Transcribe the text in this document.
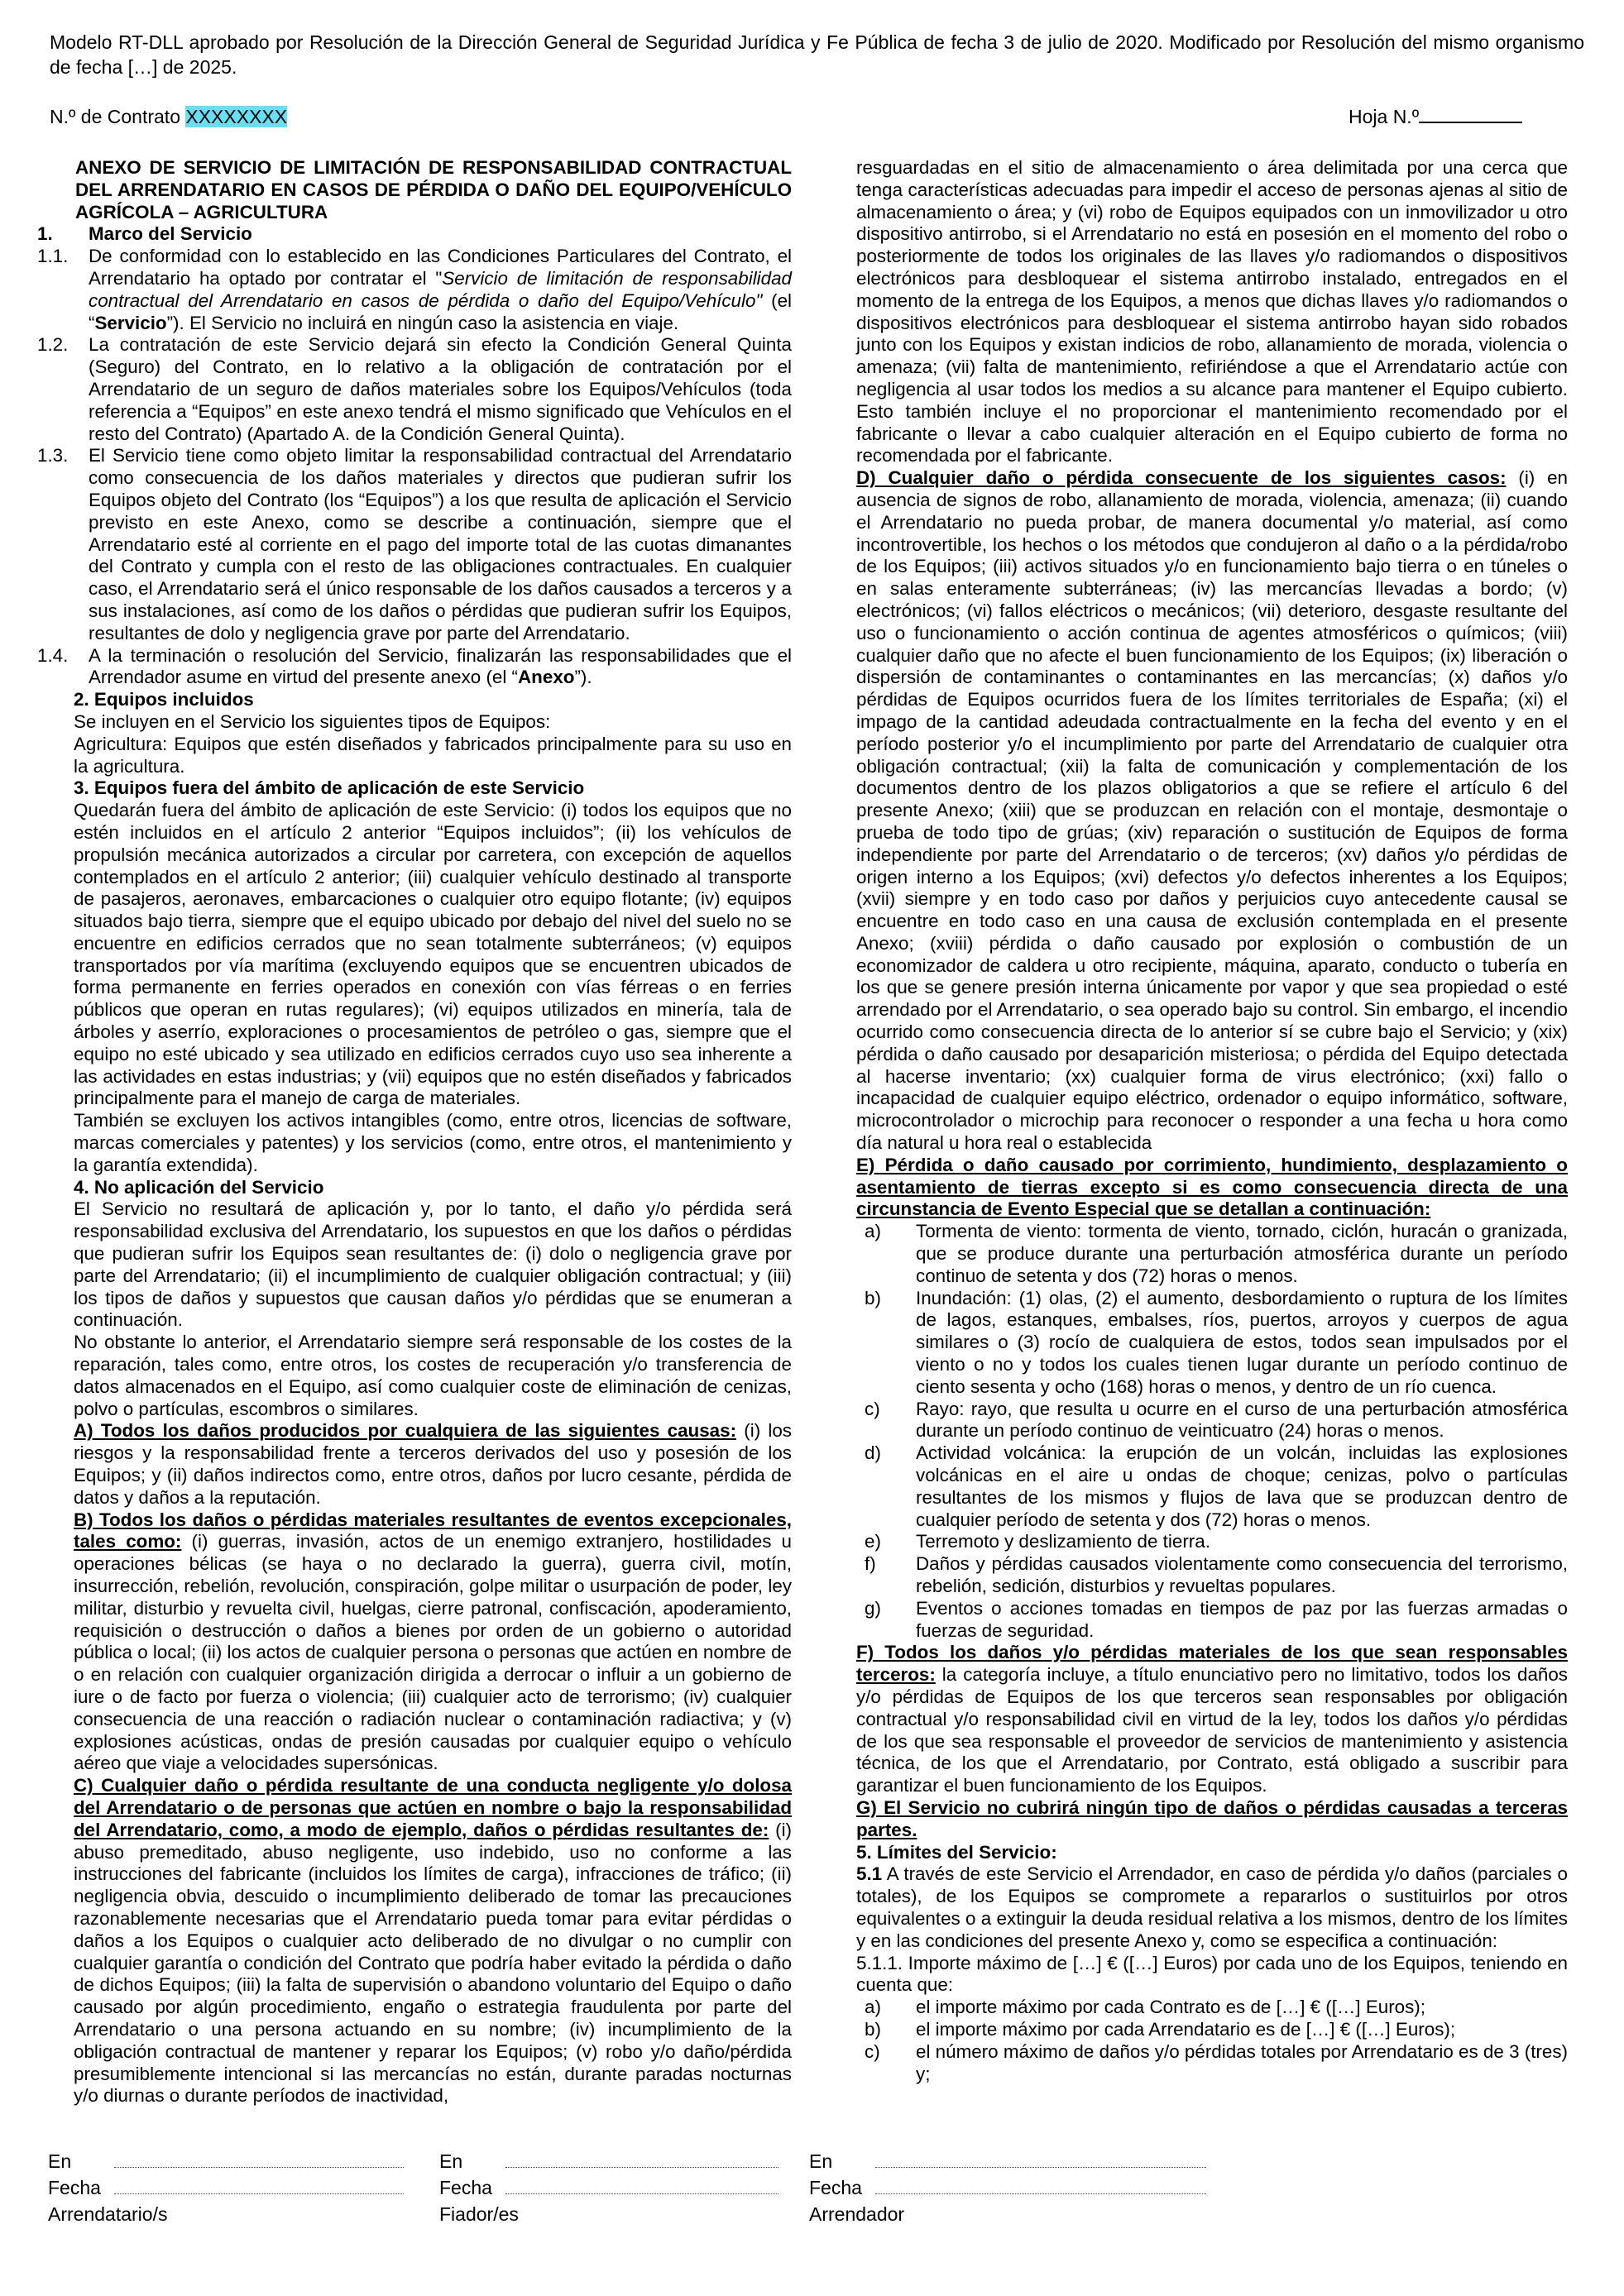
Modelo RT-DLL aprobado por Resolución de la Dirección General de Seguridad Jurídica y Fe Pública de fecha 3 de julio de 2020. Modificado por Resolución del mismo organismo de fecha […] de 2025.
N.º de Contrato XXXXXXXX	Hoja N.º
ANEXO DE SERVICIO DE LIMITACIÓN DE RESPONSABILIDAD CONTRACTUAL DEL ARRENDATARIO EN CASOS DE PÉRDIDA O DAÑO DEL EQUIPO/VEHÍCULO AGRÍCOLA – AGRICULTURA
1.	Marco del Servicio
1.1.	De conformidad con lo establecido en las Condiciones Particulares del Contrato, el Arrendatario ha optado por contratar el "Servicio de limitación de responsabilidad contractual del Arrendatario en casos de pérdida o daño del Equipo/Vehículo" (el “Servicio”). El Servicio no incluirá en ningún caso la asistencia en viaje.
1.2.	La contratación de este Servicio dejará sin efecto la Condición General Quinta (Seguro) del Contrato, en lo relativo a la obligación de contratación por el Arrendatario de un seguro de daños materiales sobre los Equipos/Vehículos (toda referencia a “Equipos” en este anexo tendrá el mismo significado que Vehículos en el resto del Contrato) (Apartado A. de la Condición General Quinta).
1.3.	El Servicio tiene como objeto limitar la responsabilidad contractual del Arrendatario como consecuencia de los daños materiales y directos que pudieran sufrir los Equipos objeto del Contrato (los “Equipos”) a los que resulta de aplicación el Servicio previsto en este Anexo, como se describe a continuación, siempre que el Arrendatario esté al corriente en el pago del importe total de las cuotas dimanantes del Contrato y cumpla con el resto de las obligaciones contractuales. En cualquier caso, el Arrendatario será el único responsable de los daños causados a terceros y a sus instalaciones, así como de los daños o pérdidas que pudieran sufrir los Equipos, resultantes de dolo y negligencia grave por parte del Arrendatario.
1.4.	A la terminación o resolución del Servicio, finalizarán las responsabilidades que el Arrendador asume en virtud del presente anexo (el “Anexo”).

2. Equipos incluidos

Se incluyen en el Servicio los siguientes tipos de Equipos:

Agricultura: Equipos que estén diseñados y fabricados principalmente para su uso en la agricultura.

3. Equipos fuera del ámbito de aplicación de este Servicio

Quedarán fuera del ámbito de aplicación de este Servicio: (i) todos los equipos que no estén incluidos en el artículo 2 anterior “Equipos incluidos”; (ii) los vehículos de propulsión mecánica autorizados a circular por carretera, con excepción de aquellos contemplados en el artículo 2 anterior; (iii) cualquier vehículo destinado al transporte de pasajeros, aeronaves, embarcaciones o cualquier otro equipo flotante; (iv) equipos situados bajo tierra, siempre que el equipo ubicado por debajo del nivel del suelo no se encuentre en edificios cerrados que no sean totalmente subterráneos; (v) equipos transportados por vía marítima (excluyendo equipos que se encuentren ubicados de forma permanente en ferries operados en conexión con vías férreas o en ferries públicos que operan en rutas regulares); (vi) equipos utilizados en minería, tala de árboles y aserrío, exploraciones o procesamientos de petróleo o gas, siempre que el equipo no esté ubicado y sea utilizado en edificios cerrados cuyo uso sea inherente a las actividades en estas industrias; y (vii) equipos que no estén diseñados y fabricados principalmente para el manejo de carga de materiales.

También se excluyen los activos intangibles (como, entre otros, licencias de software, marcas comerciales y patentes) y los servicios (como, entre otros, el mantenimiento y la garantía extendida).

4. No aplicación del Servicio

El Servicio no resultará de aplicación y, por lo tanto, el daño y/o pérdida será responsabilidad exclusiva del Arrendatario, los supuestos en que los daños o pérdidas que pudieran sufrir los Equipos sean resultantes de: (i) dolo o negligencia grave por parte del Arrendatario; (ii) el incumplimiento de cualquier obligación contractual; y (iii) los tipos de daños y supuestos que causan daños y/o pérdidas que se enumeran a continuación.

No obstante lo anterior, el Arrendatario siempre será responsable de los costes de la reparación, tales como, entre otros, los costes de recuperación y/o transferencia de datos almacenados en el Equipo, así como cualquier coste de eliminación de cenizas, polvo o partículas, escombros o similares.

A) Todos los daños producidos por cualquiera de las siguientes causas: (i) los riesgos y la responsabilidad frente a terceros derivados del uso y posesión de los Equipos; y (ii) daños indirectos como, entre otros, daños por lucro cesante, pérdida de datos y daños a la reputación.

B) Todos los daños o pérdidas materiales resultantes de eventos excepcionales, tales como: (i) guerras, invasión, actos de un enemigo extranjero, hostilidades u operaciones bélicas (se haya o no declarado la guerra), guerra civil, motín, insurrección, rebelión, revolución, conspiración, golpe militar o usurpación de poder, ley militar, disturbio y revuelta civil, huelgas, cierre patronal, confiscación, apoderamiento, requisición o destrucción o daños a bienes por orden de un gobierno o autoridad pública o local; (ii) los actos de cualquier persona o personas que actúen en nombre de o en relación con cualquier organización dirigida a derrocar o influir a un gobierno de iure o de facto por fuerza o violencia; (iii) cualquier acto de terrorismo; (iv) cualquier consecuencia de una reacción o radiación nuclear o contaminación radiactiva; y (v) explosiones acústicas, ondas de presión causadas por cualquier equipo o vehículo aéreo que viaje a velocidades supersónicas.

C) Cualquier daño o pérdida resultante de una conducta negligente y/o dolosa del Arrendatario o de personas que actúen en nombre o bajo la responsabilidad del Arrendatario, como, a modo de ejemplo, daños o pérdidas resultantes de: (i) abuso premeditado, abuso negligente, uso indebido, uso no conforme a las instrucciones del fabricante (incluidos los límites de carga), infracciones de tráfico; (ii) negligencia obvia, descuido o incumplimiento deliberado de tomar las precauciones razonablemente necesarias que el Arrendatario pueda tomar para evitar pérdidas o daños a los Equipos o cualquier acto deliberado de no divulgar o no cumplir con cualquier garantía o condición del Contrato que podría haber evitado la pérdida o daño de dichos Equipos; (iii) la falta de supervisión o abandono voluntario del Equipo o daño causado por algún procedimiento, engaño o estrategia fraudulenta por parte del Arrendatario o una persona actuando en su nombre; (iv) incumplimiento de la obligación contractual de mantener y reparar los Equipos; (v) robo y/o daño/pérdida presumiblemente intencional si las mercancías no están, durante paradas nocturnas y/o diurnas o durante períodos de inactividad,

resguardadas en el sitio de almacenamiento o área delimitada por una cerca que tenga características adecuadas para impedir el acceso de personas ajenas al sitio de almacenamiento o área; y (vi) robo de Equipos equipados con un inmovilizador u otro dispositivo antirrobo, si el Arrendatario no está en posesión en el momento del robo o posteriormente de todos los originales de las llaves y/o radiomandos o dispositivos electrónicos para desbloquear el sistema antirrobo instalado, entregados en el momento de la entrega de los Equipos, a menos que dichas llaves y/o radiomandos o dispositivos electrónicos para desbloquear el sistema antirrobo hayan sido robados junto con los Equipos y existan indicios de robo, allanamiento de morada, violencia o amenaza; (vii) falta de mantenimiento, refiriéndose a que el Arrendatario actúe con negligencia al usar todos los medios a su alcance para mantener el Equipo cubierto. Esto también incluye el no proporcionar el mantenimiento recomendado por el fabricante o llevar a cabo cualquier alteración en el Equipo cubierto de forma no recomendada por el fabricante.

D) Cualquier daño o pérdida consecuente de los siguientes casos: (i) en ausencia de signos de robo, allanamiento de morada, violencia, amenaza; (ii) cuando el Arrendatario no pueda probar, de manera documental y/o material, así como incontrovertible, los hechos o los métodos que condujeron al daño o a la pérdida/robo de los Equipos; (iii) activos situados y/o en funcionamiento bajo tierra o en túneles o en salas enteramente subterráneas; (iv) las mercancías llevadas a bordo; (v) electrónicos; (vi) fallos eléctricos o mecánicos; (vii) deterioro, desgaste resultante del uso o funcionamiento o acción continua de agentes atmosféricos o químicos; (viii) cualquier daño que no afecte el buen funcionamiento de los Equipos; (ix) liberación o dispersión de contaminantes o contaminantes en las mercancías; (x) daños y/o pérdidas de Equipos ocurridos fuera de los límites territoriales de España; (xi) el impago de la cantidad adeudada contractualmente en la fecha del evento y en el período posterior y/o el incumplimiento por parte del Arrendatario de cualquier otra obligación contractual; (xii) la falta de comunicación y complementación de los documentos dentro de los plazos obligatorios a que se refiere el artículo 6 del presente Anexo; (xiii) que se produzcan en relación con el montaje, desmontaje o prueba de todo tipo de grúas; (xiv) reparación o sustitución de Equipos de forma independiente por parte del Arrendatario o de terceros; (xv) daños y/o pérdidas de origen interno a los Equipos; (xvi) defectos y/o defectos inherentes a los Equipos; (xvii) siempre y en todo caso por daños y perjuicios cuyo antecedente causal se encuentre en todo caso en una causa de exclusión contemplada en el presente Anexo; (xviii) pérdida o daño causado por explosión o combustión de un economizador de caldera u otro recipiente, máquina, aparato, conducto o tubería en los que se genere presión interna únicamente por vapor y que sea propiedad o esté arrendado por el Arrendatario, o sea operado bajo su control. Sin embargo, el incendio ocurrido como consecuencia directa de lo anterior sí se cubre bajo el Servicio; y (xix) pérdida o daño causado por desaparición misteriosa; o pérdida del Equipo detectada al hacerse inventario; (xx) cualquier forma de virus electrónico; (xxi) fallo o incapacidad de cualquier equipo eléctrico, ordenador o equipo informático, software, microcontrolador o microchip para reconocer o responder a una fecha u hora como día natural u hora real o establecida

E) Pérdida o daño causado por corrimiento, hundimiento, desplazamiento o asentamiento de tierras excepto si es como consecuencia directa de una circunstancia de Evento Especial que se detallan a continuación:

a)	Tormenta de viento: tormenta de viento, tornado, ciclón, huracán o granizada, que se produce durante una perturbación atmosférica durante un período continuo de setenta y dos (72) horas o menos.
b)	Inundación: (1) olas, (2) el aumento, desbordamiento o ruptura de los límites de lagos, estanques, embalses, ríos, puertos, arroyos y cuerpos de agua similares o (3) rocío de cualquiera de estos, todos sean impulsados por el viento o no y todos los cuales tienen lugar durante un período continuo de ciento sesenta y ocho (168) horas o menos, y dentro de un río cuenca.
c)	Rayo: rayo, que resulta u ocurre en el curso de una perturbación atmosférica durante un período continuo de veinticuatro (24) horas o menos.
d)	Actividad volcánica: la erupción de un volcán, incluidas las explosiones volcánicas en el aire u ondas de choque; cenizas, polvo o partículas resultantes de los mismos y flujos de lava que se produzcan dentro de cualquier período de setenta y dos (72) horas o menos.
e)	Terremoto y deslizamiento de tierra.
f)	Daños y pérdidas causados violentamente como consecuencia del terrorismo, rebelión, sedición, disturbios y revueltas populares.
g)	Eventos o acciones tomadas en tiempos de paz por las fuerzas armadas o fuerzas de seguridad.

F) Todos los daños y/o pérdidas materiales de los que sean responsables terceros: la categoría incluye, a título enunciativo pero no limitativo, todos los daños y/o pérdidas de Equipos de los que terceros sean responsables por obligación contractual y/o responsabilidad civil en virtud de la ley, todos los daños y/o pérdidas de los que sea responsable el proveedor de servicios de mantenimiento y asistencia técnica, de los que el Arrendatario, por Contrato, está obligado a suscribir para garantizar el buen funcionamiento de los Equipos.

G) El Servicio no cubrirá ningún tipo de daños o pérdidas causadas a terceras partes.

5. Límites del Servicio:

5.1 A través de este Servicio el Arrendador, en caso de pérdida y/o daños (parciales o totales), de los Equipos se compromete a repararlos o sustituirlos por otros equivalentes o a extinguir la deuda residual relativa a los mismos, dentro de los límites y en las condiciones del presente Anexo y, como se especifica a continuación:

5.1.1. Importe máximo de […] € ([…] Euros) por cada uno de los Equipos, teniendo en cuenta que:

a)	el importe máximo por cada Contrato es de […] € ([…] Euros);
b)	el importe máximo por cada Arrendatario es de […] € ([…] Euros);
c)	el número máximo de daños y/o pérdidas totales por Arrendatario es de 3 (tres) y;
En
Fecha
Arrendatario/s
En
Fecha
Fiador/es
En
Fecha
Arrendador
